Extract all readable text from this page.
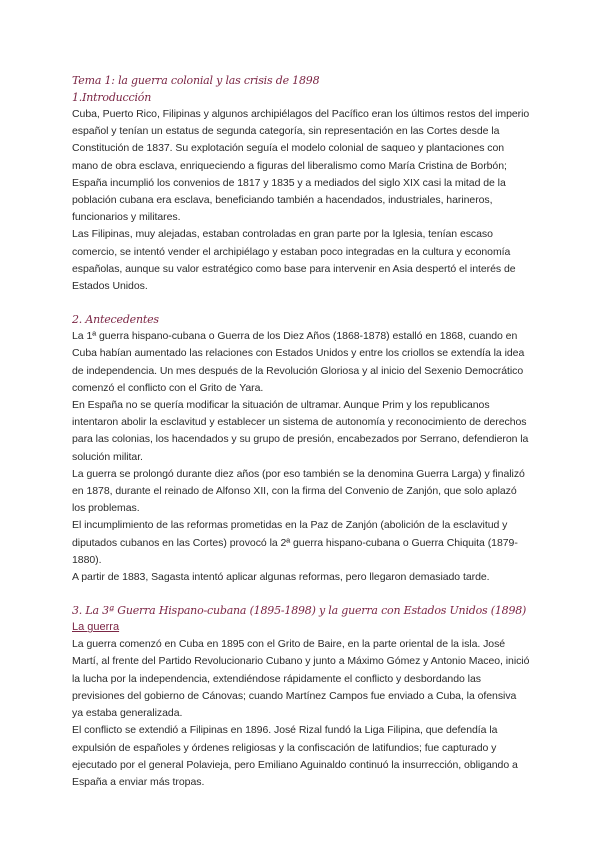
Tema 1: la guerra colonial y las crisis de 1898

1.Introducción

Cuba, Puerto Rico, Filipinas y algunos archipiélagos del Pacífico eran los últimos restos del imperio español y tenían un estatus de segunda categoría, sin representación en las Cortes desde la Constitución de 1837. Su explotación seguía el modelo colonial de saqueo y plantaciones con mano de obra esclava, enriqueciendo a figuras del liberalismo como María Cristina de Borbón; España incumplió los convenios de 1817 y 1835 y a mediados del siglo XIX casi la mitad de la población cubana era esclava, beneficiando también a hacendados, industriales, harineros, funcionarios y militares.

Las Filipinas, muy alejadas, estaban controladas en gran parte por la Iglesia, tenían escaso comercio, se intentó vender el archipiélago y estaban poco integradas en la cultura y economía españolas, aunque su valor estratégico como base para intervenir en Asia despertó el interés de Estados Unidos.

2. Antecedentes

La 1ª guerra hispano-cubana o Guerra de los Diez Años (1868-1878) estalló en 1868, cuando en Cuba habían aumentado las relaciones con Estados Unidos y entre los criollos se extendía la idea de independencia. Un mes después de la Revolución Gloriosa y al inicio del Sexenio Democrático comenzó el conflicto con el Grito de Yara.

En España no se quería modificar la situación de ultramar. Aunque Prim y los republicanos intentaron abolir la esclavitud y establecer un sistema de autonomía y reconocimiento de derechos para las colonias, los hacendados y su grupo de presión, encabezados por Serrano, defendieron la solución militar.

La guerra se prolongó durante diez años (por eso también se la denomina Guerra Larga) y finalizó en 1878, durante el reinado de Alfonso XII, con la firma del Convenio de Zanjón, que solo aplazó los problemas.

El incumplimiento de las reformas prometidas en la Paz de Zanjón (abolición de la esclavitud y diputados cubanos en las Cortes) provocó la 2ª guerra hispano-cubana o Guerra Chiquita (1879-1880).

A partir de 1883, Sagasta intentó aplicar algunas reformas, pero llegaron demasiado tarde.

3. La 3ª Guerra Hispano-cubana (1895-1898) y la guerra con Estados Unidos (1898)

La guerra

La guerra comenzó en Cuba en 1895 con el Grito de Baire, en la parte oriental de la isla. José Martí, al frente del Partido Revolucionario Cubano y junto a Máximo Gómez y Antonio Maceo, inició la lucha por la independencia, extendiéndose rápidamente el conflicto y desbordando las previsiones del gobierno de Cánovas; cuando Martínez Campos fue enviado a Cuba, la ofensiva ya estaba generalizada.

El conflicto se extendió a Filipinas en 1896. José Rizal fundó la Liga Filipina, que defendía la expulsión de españoles y órdenes religiosas y la confiscación de latifundios; fue capturado y ejecutado por el general Polavieja, pero Emiliano Aguinaldo continuó la insurrección, obligando a España a enviar más tropas.
